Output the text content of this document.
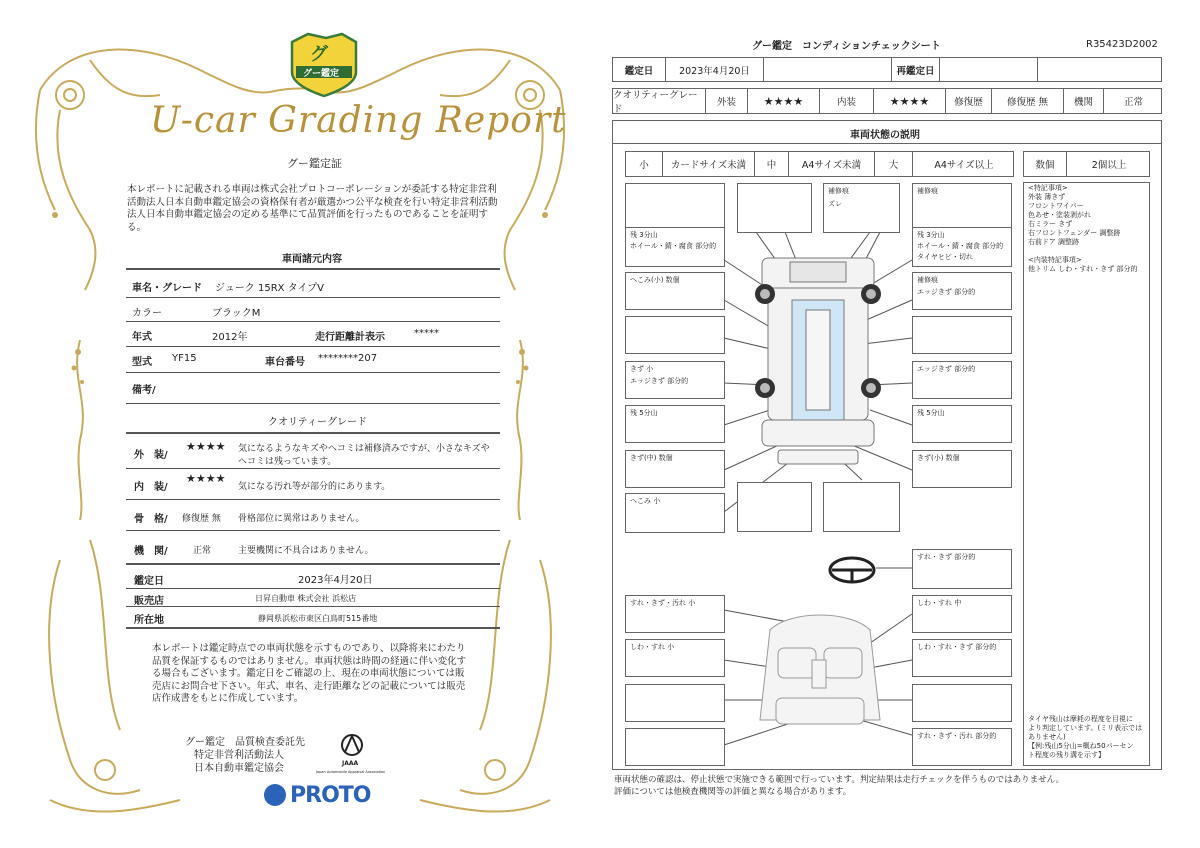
グー鑑定
グ
U-car Grading Report
グー鑑定証
本レポートに記載される車両は株式会社プロトコーポレーションが委託する特定非営利活動法人日本自動車鑑定協会の資格保有者が厳選かつ公平な検査を行い特定非営利活動法人日本自動車鑑定協会の定める基準にて品質評価を行ったものであることを証明する。
車両諸元内容
車名・グレード ジューク 15RX タイプV
カラー	ブラックM
年式	2012年	走行距離計表示	*****
型式 YF15	車台番号 ********207
備考/
クオリティーグレード
外　装/
★★★★ 気になるようなキズやヘコミは補修済みですが、小さなキズや
ヘコミは残っています。
内　装/
★★★★
気になる汚れ等が部分的にあります。
骨　格/ 修復歴 無 骨格部位に異常はありません。
機　関/	正常	主要機関に不具合はありません。
鑑定日	2023年4月20日
販売店	日昇自動車 株式会社 浜松店
所在地	静岡県浜松市東区白鳥町515番地
本レポートは鑑定時点での車両状態を示すものであり、以降将来にわたり品質を保証するものではありません。車両状態は時間の経過に伴い変化する場合もございます。鑑定日をご確認の上、現在の車両状態については販売店にお問合せ下さい。年式、車名、走行距離などの記載については販売店作成書をもとに作成しています。
グー鑑定　品質検査委託先
特定非営利活動法人
日本自動車鑑定協会	JAAA
Japan Automobile Appraisal Association
PROTO
グー鑑定　コンディションチェックシート	R35423D2002
鑑定日	2023年4月20日	再鑑定日
クオリティーグレード
外装	★★★★	内装	★★★★	修復歴	修復歴 無	機関	正常
車両状態の説明
小	カードサイズ未満	中	A4サイズ未満	大	A4サイズ以上	数個	2個以上
<特記事項>
外装 薄きず
フロントワイパー
色あせ・塗装剥がれ
右ミラー きず
右フロントフェンダー 調整跡
右前ドア 調整跡
<内装特記事項>
他トリム しわ・すれ・きず 部分的
タイヤ残山は摩耗の程度を目視に
より判定しています。(ミリ表示では
ありません)
【例:残山5分山=概ね50パーセン
ト程度の残り溝を示す】
補修痕
ズレ
補修痕
残 3分山
ホイール・錆・腐食 部分的
残 3分山
ホイール・錆・腐食 部分的
タイヤヒビ・切れ
へこみ(小) 数個	補修痕
エッジきず 部分的
きず 小
エッジきず 部分的
エッジきず 部分的
残 5分山	残 5分山
きず(中) 数個	きず(小) 数個
へこみ 小
すれ・きず 部分的
すれ・きず・汚れ 小	しわ・すれ 中
しわ・すれ 小	しわ・すれ・きず 部分的
すれ・きず・汚れ 部分的
車両状態の確認は、停止状態で実施できる範囲で行っています。判定結果は走行チェックを伴うものではありません。
評価については他検査機関等の評価と異なる場合があります。
